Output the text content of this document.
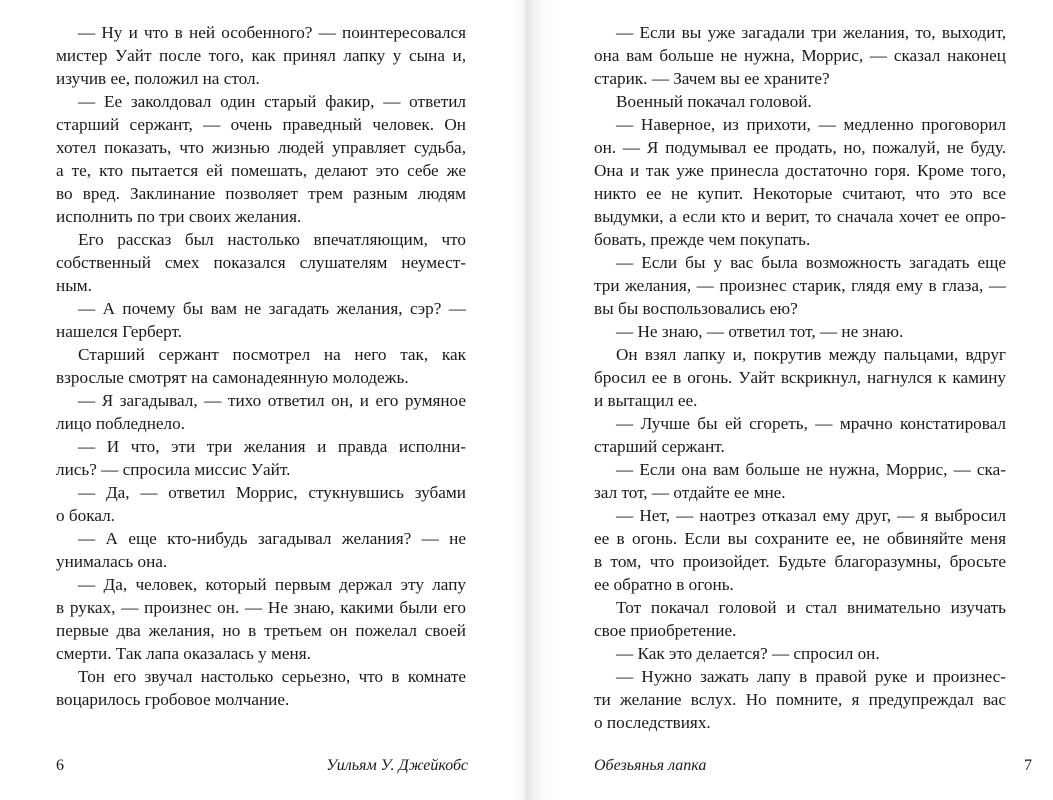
— Ну и что в ней особенного? — поинтересовался

мистер Уайт после того, как принял лапку у сына и,

изучив ее, положил на стол.

— Ее заколдовал один старый факир, — ответил

старший сержант, — очень праведный человек. Он

хотел показать, что жизнью людей управляет судьба,

а те, кто пытается ей помешать, делают это себе же

во вред. Заклинание позволяет трем разным людям

исполнить по три своих желания.

Его рассказ был настолько впечатляющим, что

собственный смех показался слушателям неумест-

ным.

— А почему бы вам не загадать желания, сэр? —

нашелся Герберт.

Старший сержант посмотрел на него так, как

взрослые смотрят на самонадеянную молодежь.

— Я загадывал, — тихо ответил он, и его румяное

лицо побледнело.

— И что, эти три желания и правда исполни-

лись? — спросила миссис Уайт.

— Да, — ответил Моррис, стукнувшись зубами

о бокал.

— А еще кто-нибудь загадывал желания? — не

унималась она.

— Да, человек, который первым держал эту лапу

в руках, — произнес он. — Не знаю, какими были его

первые два желания, но в третьем он пожелал своей

смерти. Так лапа оказалась у меня.

Тон его звучал настолько серьезно, что в комнате

воцарилось гробовое молчание.

6	Уильям У. Джейкобс

— Если вы уже загадали три желания, то, выходит,

она вам больше не нужна, Моррис, — сказал наконец

старик. — Зачем вы ее храните?

Военный покачал головой.

— Наверное, из прихоти, — медленно проговорил

он. — Я подумывал ее продать, но, пожалуй, не буду.

Она и так уже принесла достаточно горя. Кроме того,

никто ее не купит. Некоторые считают, что это все

выдумки, а если кто и верит, то сначала хочет ее опро-

бовать, прежде чем покупать.

— Если бы у вас была возможность загадать еще

три желания, — произнес старик, глядя ему в глаза, —

вы бы воспользовались ею?

— Не знаю, — ответил тот, — не знаю.

Он взял лапку и, покрутив между пальцами, вдруг

бросил ее в огонь. Уайт вскрикнул, нагнулся к камину

и вытащил ее.

— Лучше бы ей сгореть, — мрачно констатировал

старший сержант.

— Если она вам больше не нужна, Моррис, — ска-

зал тот, — отдайте ее мне.

— Нет, — наотрез отказал ему друг, — я выбросил

ее в огонь. Если вы сохраните ее, не обвиняйте меня

в том, что произойдет. Будьте благоразумны, бросьте

ее обратно в огонь.

Тот покачал головой и стал внимательно изучать

свое приобретение.

— Как это делается? — спросил он.

— Нужно зажать лапу в правой руке и произнес-

ти желание вслух. Но помните, я предупреждал вас

о последствиях.

Обезьянья лапка	7
